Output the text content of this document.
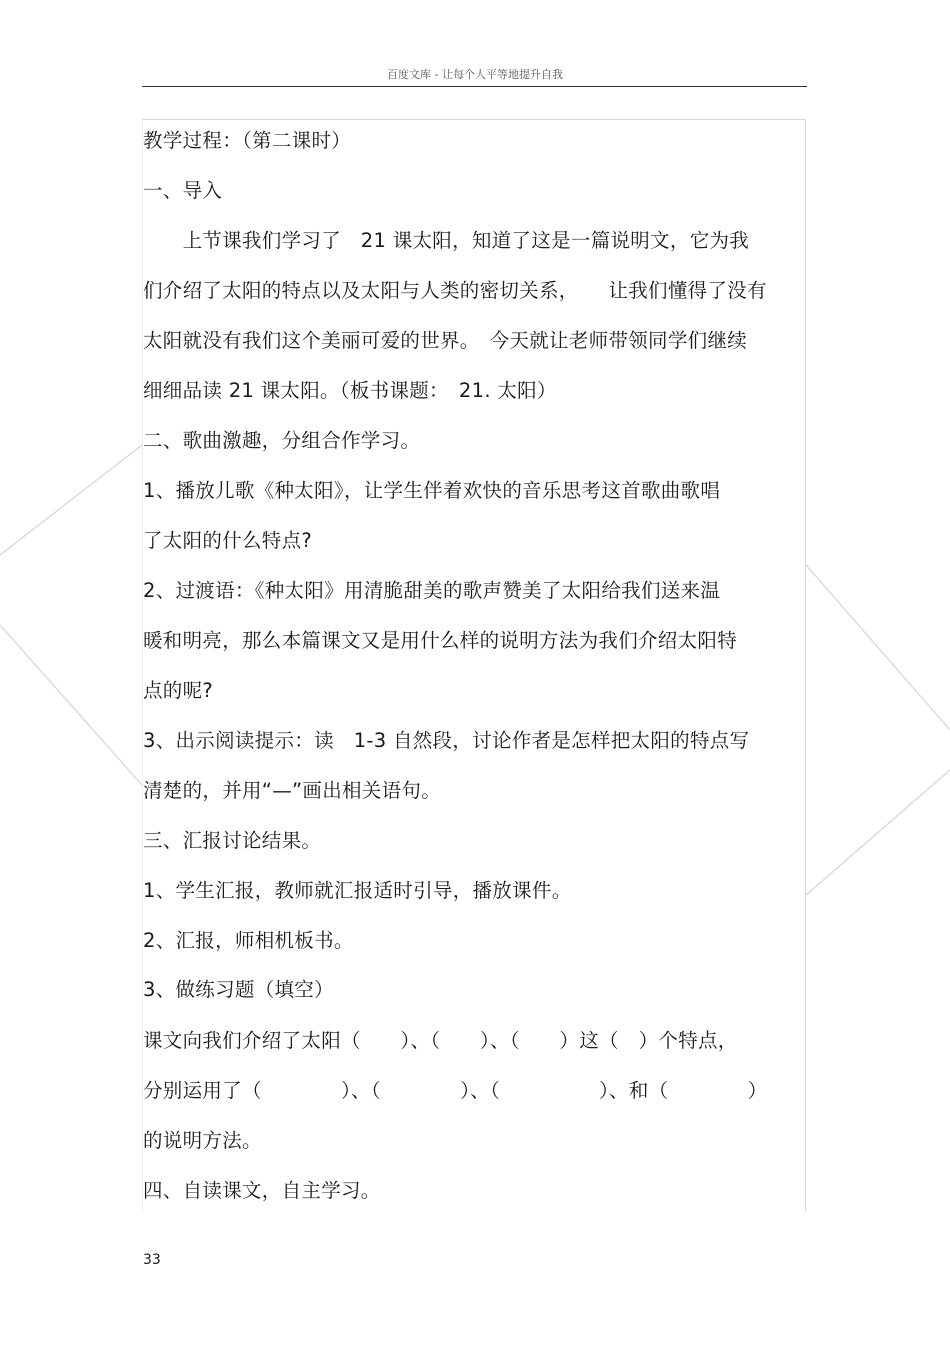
百度文库 - 让每个人平等地提升自我
教学过程：（第二课时）
一、导入
　　上节课我们学习了　21 课太阳，知道了这是一篇说明文，它为我
们介绍了太阳的特点以及太阳与人类的密切关系，　　让我们懂得了没有
太阳就没有我们这个美丽可爱的世界。　今天就让老师带领同学们继续
细细品读 21 课太阳。（板书课题：　21. 太阳）
二、歌曲激趣，分组合作学习。
1、播放儿歌《种太阳》，让学生伴着欢快的音乐思考这首歌曲歌唱
了太阳的什么特点?
2、过渡语：《种太阳》用清脆甜美的歌声赞美了太阳给我们送来温
暖和明亮，那么本篇课文又是用什么样的说明方法为我们介绍太阳特
点的呢?
3、出示阅读提示：读　1-3 自然段，讨论作者是怎样把太阳的特点写
清楚的，并用“—”画出相关语句。
三、汇报讨论结果。
1、学生汇报，教师就汇报适时引导，播放课件。
2、汇报，师相机板书。
3、做练习题（填空）
课文向我们介绍了太阳（　　）、（　　）、（　　）这（　）个特点，
分别运用了（　　　　）、（　　　　）、（　　　　　）、和（　　　　）
的说明方法。
四、自读课文，自主学习。
33
